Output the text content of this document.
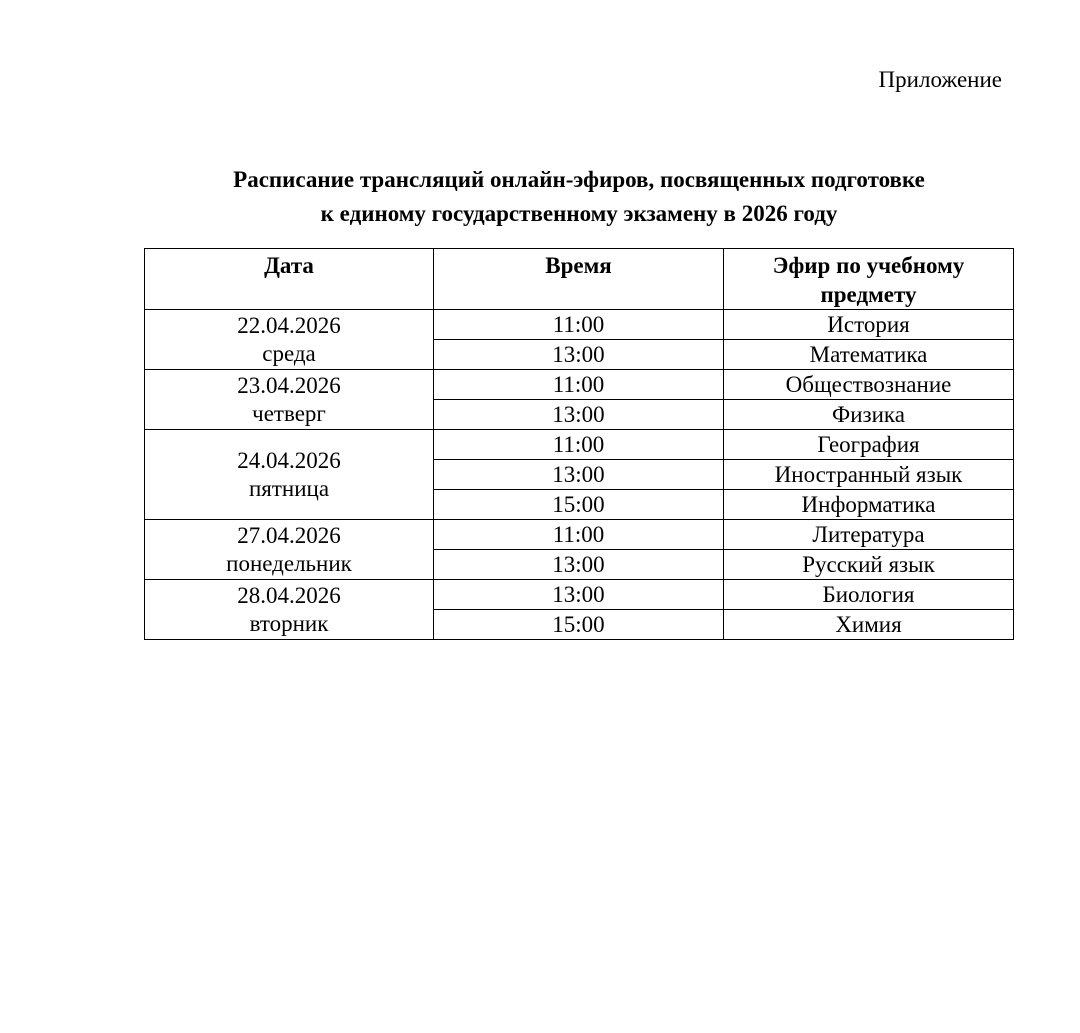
Приложение
Расписание трансляций онлайн-эфиров, посвященных подготовке
к единому государственному экзамену в 2026 году
Дата	Время	Эфир по учебному предмету

22.04.2026
среда	11:00	История
	13:00	Математика

23.04.2026
четверг	11:00	Обществознание
	13:00	Физика

24.04.2026
пятница	11:00	География
	13:00	Иностранный язык
	15:00	Информатика

27.04.2026
понедельник	11:00	Литература
	13:00	Русский язык

28.04.2026
вторник	13:00	Биология
	15:00	Химия
